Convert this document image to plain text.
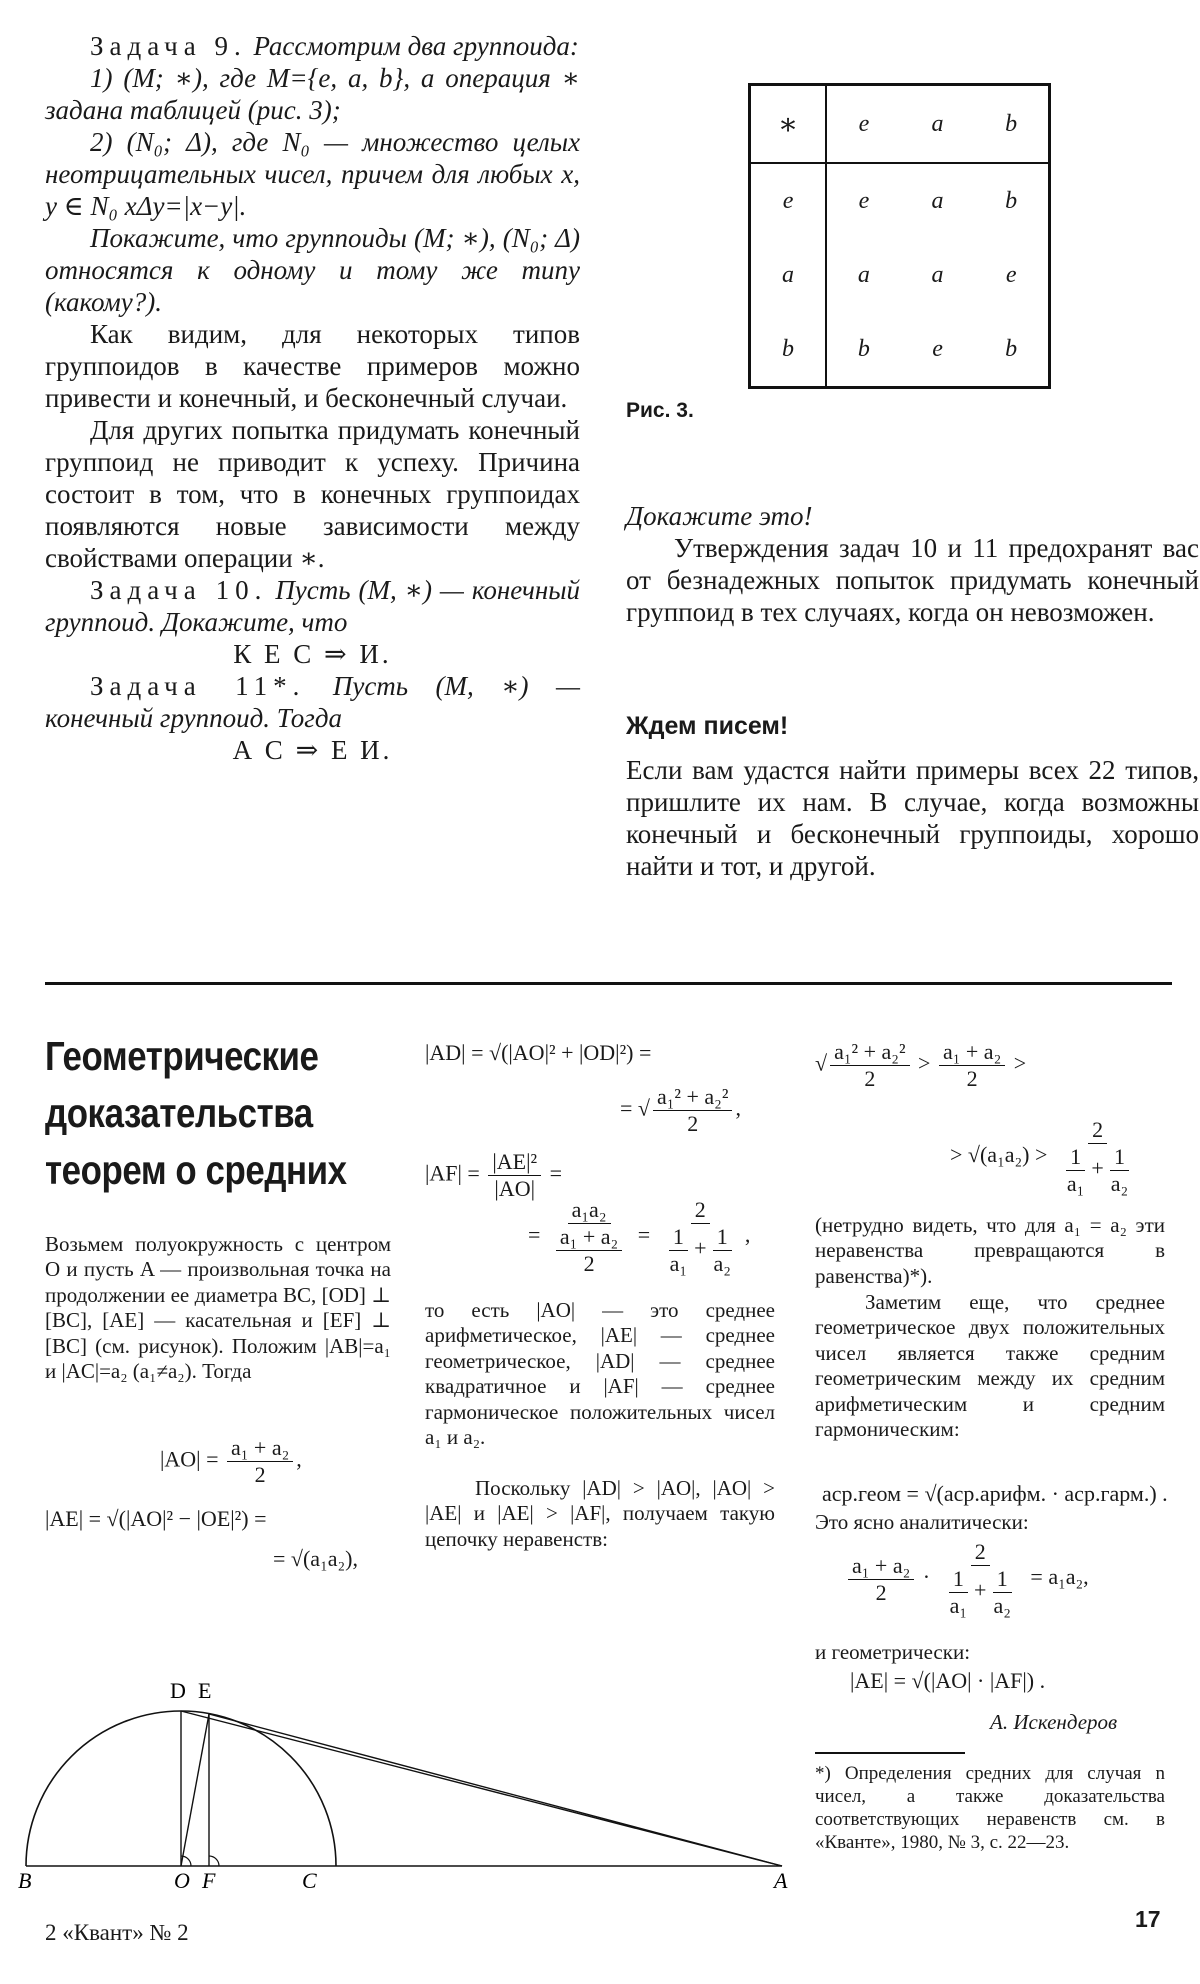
Задача 9. Рассмотрим два группоида:
1) (M; ∗), где M={e, a, b}, а операция ∗ задана таблицей (рис. 3);
2) (N₀; Δ), где N₀ — множество целых неотрицательных чисел, причем для любых x, y ∈ N₀ xΔy=|x−y|.
Покажите, что группоиды (M; ∗), (N₀; Δ) относятся к одному и тому же типу (какому?).
Как видим, для некоторых типов группоидов в качестве примеров можно привести и конечный, и бесконечный случаи.
Для других попытка придумать конечный группоид не приводит к успеху. Причина состоит в том, что в конечных группоидах появляются новые зависимости между свойствами операции ∗.
Задача 10. Пусть (M, ∗) — конечный группоид. Докажите, что
К Е С ⇒ И.
Задача 11*. Пусть (M, ∗) — конечный группоид. Тогда
А С ⇒ Е И.
∗	e	a	b
e	e	a	b
a	a	a	e
b	b	e	b
Рис. 3.
Докажите это!
Утверждения задач 10 и 11 предохранят вас от безнадежных попыток придумать конечный группоид в тех случаях, когда он невозможен.
Ждем писем!
Если вам удастся найти примеры всех 22 типов, пришлите их нам. В случае, когда возможны конечный и бесконечный группоиды, хорошо найти и тот, и другой.
Геометрические
доказательства
теорем о средних
Возьмем полуокружность с центром O и пусть A — произвольная точка на продолжении ее диаметра BC, [OD] ⊥ [BC], [AE] — касательная и [EF] ⊥ [BC] (см. рисунок). Положим |AB|=a₁ и |AC|=a₂ (a₁≠a₂). Тогда
$|AO| = \frac{\text{a₁ + a₂}}{2}$ ,
|AE| = √(|AO|² − |OE|²) =
= √(a₁a₂),
|AD| = √(|AO|² + |OD|²) =
= √ $\frac{\text{a₁² + a₂²}}{2}$ ,
$|AF| = \frac{\text{|AE|²}}{|AO|}$ =
= $\frac{\text{a₁a₂}}{\frac{\text{a₁ + a₂}}{2}} = \frac{2}{\frac{1}{\text{a₁}} + \frac{1}{\text{a₂}}}$ ,
то есть |AO| — это среднее арифметическое, |AE| — среднее геометрическое, |AD| — среднее квадратичное и |AF| — среднее гармоническое положительных чисел a₁ и a₂.
Поскольку |AD| > |AO|, |AO| > |AE| и |AE| > |AF|, получаем такую цепочку неравенств:
√ $\frac{\text{a₁² + a₂²}}{2} > \frac{\text{a₁ + a₂}}{2}$ >
> $√(a_1a_2) > \frac{2}{\frac{1}{\text{a₁}} + \frac{1}{\text{a₂}}}$
(нетрудно видеть, что для a₁ = a₂ эти неравенства превращаются в равенства)*).
Заметим еще, что среднее геометрическое двух положительных чисел является также средним геометрическим между их средним арифметическим и средним гармоническим:
aср.геом = √(aср.арифм. · aср.гарм.) .
Это ясно аналитически:
$\frac{\text{a₁ + a₂}}{2} \cdot \frac{2}{\frac{1}{\text{a₁}} + \frac{1}{\text{a₂}}} = a_1a_2$,
и геометрически:
|AE| = √(|AO| · |AF|) .
А. Искендеров
*) Определения средних для случая n чисел, а также доказательства соответствующих неравенств см. в «Кванте», 1980, № 3, с. 22—23.
B	O F	C	A
D E
2 «Квант» № 2
17
